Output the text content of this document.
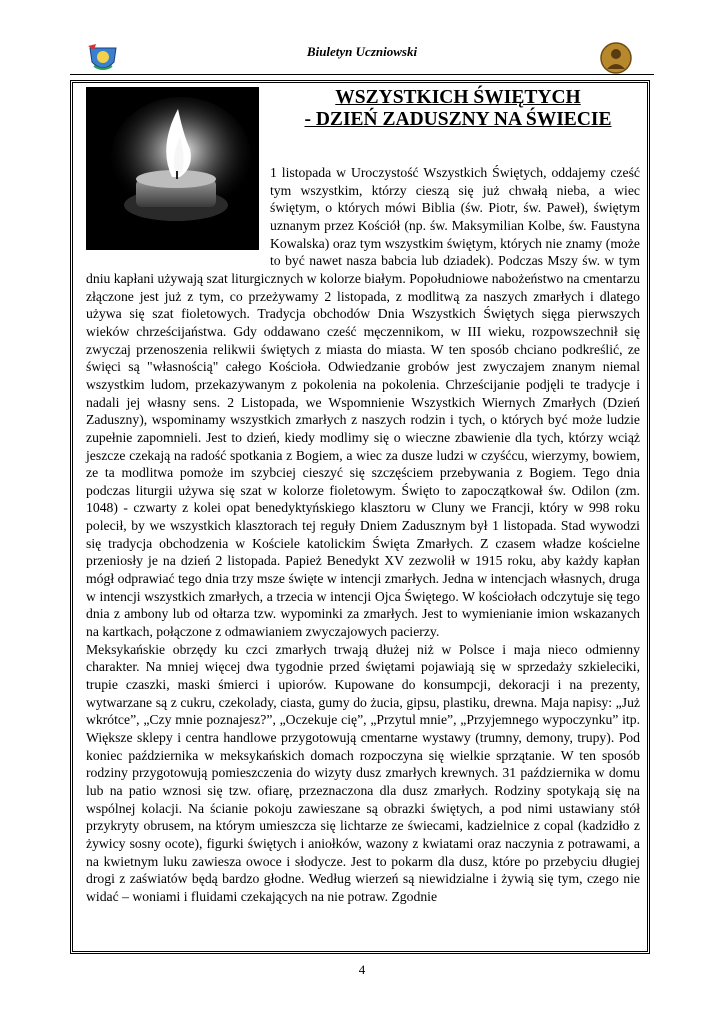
Biuletyn Uczniowski
WSZYSTKICH ŚWIĘTYCH
- DZIEŃ ZADUSZNY NA ŚWIECIE

1 listopada w Uroczystość Wszystkich Świętych, oddajemy cześć tym wszystkim, którzy cieszą się już chwałą nieba, a wiec świętym, o których mówi Biblia (św. Piotr, św. Paweł), świętym uznanym przez Kościół (np. św. Maksymilian Kolbe, św. Faustyna Kowalska) oraz tym wszystkim świętym, których nie znamy (może to być nawet nasza babcia lub dziadek). Podczas Mszy św. w tym dniu kapłani używają szat liturgicznych w kolorze białym. Popołudniowe nabożeństwo na cmentarzu złączone jest już z tym, co przeżywamy 2 listopada, z modlitwą za naszych zmarłych i dlatego używa się szat fioletowych. Tradycja obchodów Dnia Wszystkich Świętych sięga pierwszych wieków chrześcijaństwa. Gdy oddawano cześć męczennikom, w III wieku, rozpowszechnił się zwyczaj przenoszenia relikwii świętych z miasta do miasta. W ten sposób chciano podkreślić, ze święci są "własnością" całego Kościoła. Odwiedzanie grobów jest zwyczajem znanym niemal wszystkim ludom, przekazywanym z pokolenia na pokolenia. Chrześcijanie podjęli te tradycje i nadali jej własny sens. 2 Listopada, we Wspomnienie Wszystkich Wiernych Zmarłych (Dzień Zaduszny), wspominamy wszystkich zmarłych z naszych rodzin i tych, o których być może ludzie zupełnie zapomnieli. Jest to dzień, kiedy modlimy się o wieczne zbawienie dla tych, którzy wciąż jeszcze czekają na radość spotkania z Bogiem, a wiec za dusze ludzi w czyśćcu, wierzymy, bowiem, ze ta modlitwa pomoże im szybciej cieszyć się szczęściem przebywania z Bogiem. Tego dnia podczas liturgii używa się szat w kolorze fioletowym. Święto to zapoczątkował św. Odilon (zm. 1048) - czwarty z kolei opat benedyktyńskiego klasztoru w Cluny we Francji, który w 998 roku polecił, by we wszystkich klasztorach tej reguły Dniem Zadusznym był 1 listopada. Stad wywodzi się tradycja obchodzenia w Kościele katolickim Święta Zmarłych. Z czasem władze kościelne przeniosły je na dzień 2 listopada. Papież Benedykt XV zezwolił w 1915 roku, aby każdy kapłan mógł odprawiać tego dnia trzy msze święte w intencji zmarłych. Jedna w intencjach własnych, druga w intencji wszystkich zmarłych, a trzecia w intencji Ojca Świętego. W kościołach odczytuje się tego dnia z ambony lub od ołtarza tzw. wypominki za zmarłych. Jest to wymienianie imion wskazanych na kartkach, połączone z odmawianiem zwyczajowych pacierzy.

Meksykańskie obrzędy ku czci zmarłych trwają dłużej niż w Polsce i maja nieco odmienny charakter. Na mniej więcej dwa tygodnie przed świętami pojawiają się w sprzedaży szkieleciki, trupie czaszki, maski śmierci i upiorów. Kupowane do konsumpcji, dekoracji i na prezenty, wytwarzane są z cukru, czekolady, ciasta, gumy do żucia, gipsu, plastiku, drewna. Maja napisy: „Już wkrótce”, „Czy mnie poznajesz?”, „Oczekuje cię”, „Przytul mnie”, „Przyjemnego wypoczynku” itp. Większe sklepy i centra handlowe przygotowują cmentarne wystawy (trumny, demony, trupy). Pod koniec października w meksykańskich domach rozpoczyna się wielkie sprzątanie. W ten sposób rodziny przygotowują pomieszczenia do wizyty dusz zmarłych krewnych. 31 października w domu lub na patio wznosi się tzw. ofiarę, przeznaczona dla dusz zmarłych. Rodziny spotykają się na wspólnej kolacji. Na ścianie pokoju zawieszane są obrazki świętych, a pod nimi ustawiany stół przykryty obrusem, na którym umieszcza się lichtarze ze świecami, kadzielnice z copal (kadzidło z żywicy sosny ocote), figurki świętych i aniołków, wazony z kwiatami oraz naczynia z potrawami, a na kwietnym luku zawiesza owoce i słodycze. Jest to pokarm dla dusz, które po przebyciu długiej drogi z zaświatów będą bardzo głodne. Według wierzeń są niewidzialne i żywią się tym, czego nie widać – woniami i fluidami czekających na nie potraw. Zgodnie

4
